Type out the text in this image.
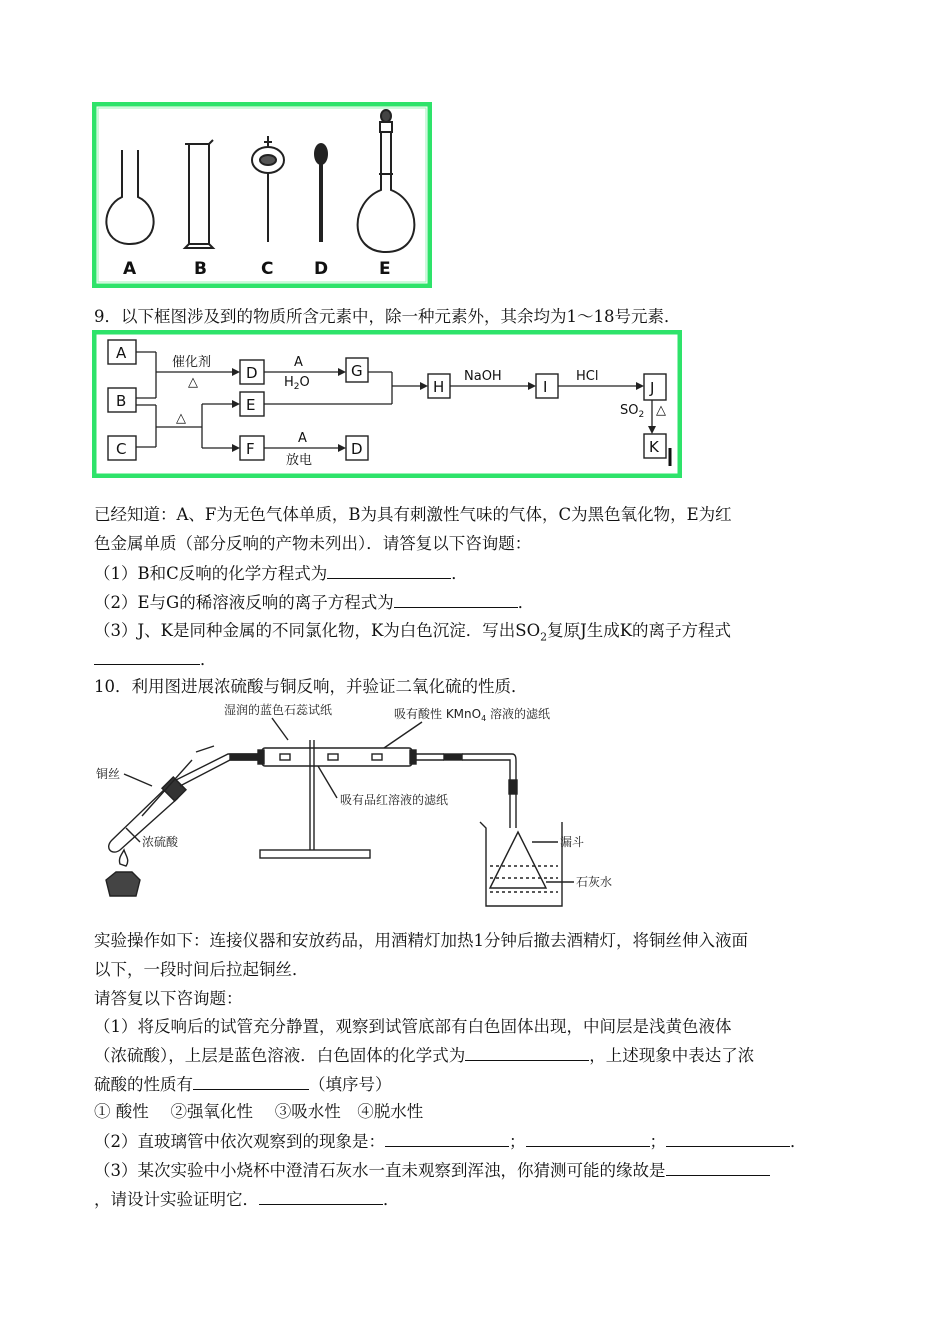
A	B	C D	E
9．以下框图涉及到的物质所含元素中，除一种元素外，其余均为1～18号元素．
A
B
C
D
E
F
G
H	I	J
K
D
催化剂
△
△
A
$H_2O$	NaOH	HCl
$SO_2$ △
A
放电
已经知道：A、F为无色气体单质，B为具有刺激性气味的气体，C为黑色氧化物，E为红
色金属单质（部分反响的产物未列出）．请答复以下咨询题：
（1）B和C反响的化学方程式为	．
（2）E与G的稀溶液反响的离子方程式为	．
（3）J、K是同种金属的不同氯化物，K为白色沉淀．写出$SO_2$复原J生成K的离子方程式
．
10．利用图进展浓硫酸与铜反响，并验证二氧化硫的性质．
湿润的蓝色石蕊试纸	吸有酸性 KMnO$_4$ 溶液的滤纸
铜丝
吸有品红溶液的滤纸
浓硫酸	漏斗
石灰水
实验操作如下：连接仪器和安放药品，用酒精灯加热1分钟后撤去酒精灯，将铜丝伸入液面
以下，一段时间后拉起铜丝．
请答复以下咨询题：
（1）将反响后的试管充分静置，观察到试管底部有白色固体出现，中间层是浅黄色液体
（浓硫酸），上层是蓝色溶液．白色固体的化学式为	，上述现象中表达了浓
硫酸的性质有	（填序号）
① 酸性　 ②强氧化性　 ③吸水性　④脱水性
（2）直玻璃管中依次观察到的现象是：	；	；	．
（3）某次实验中小烧杯中澄清石灰水一直未观察到浑浊，你猜测可能的缘故是
，请设计实验证明它．	．
